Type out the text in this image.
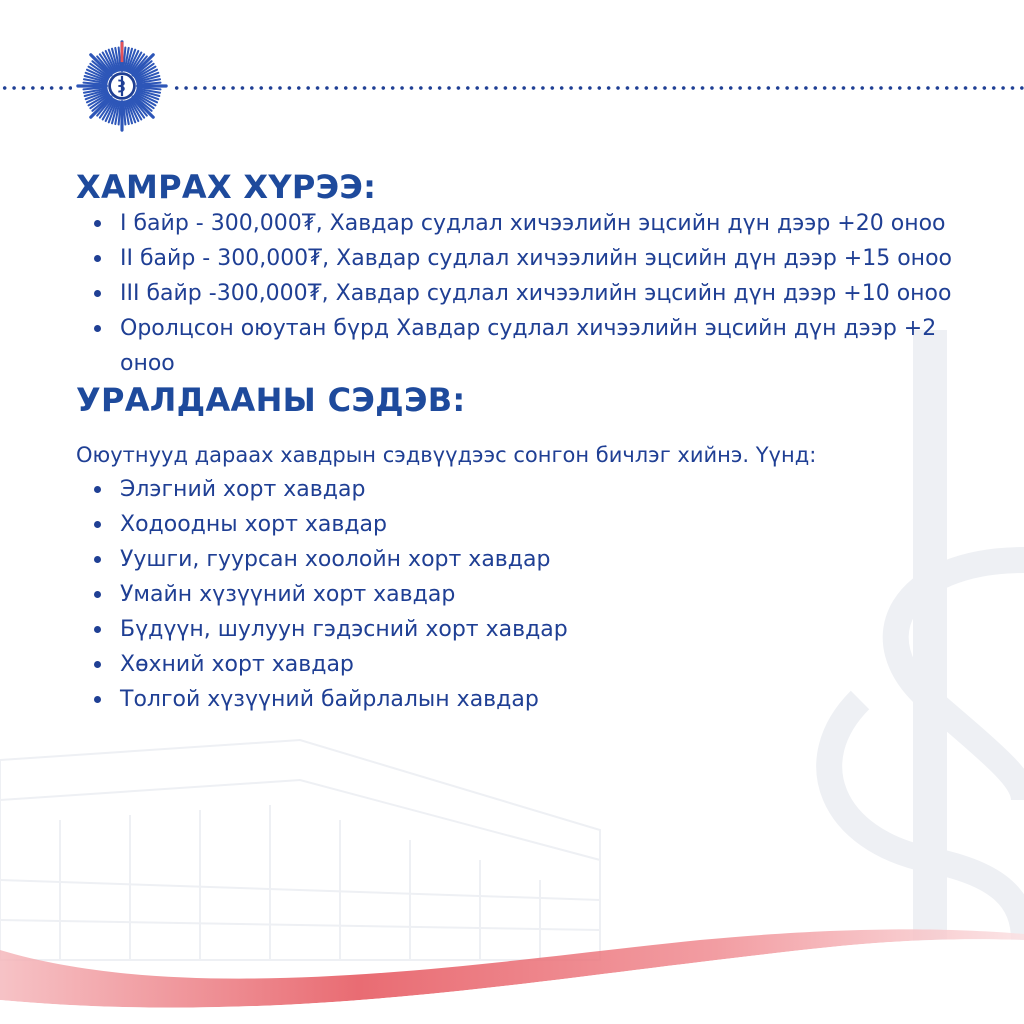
ХАМРАХ ХҮРЭЭ:
I байр - 300,000₮, Хавдар судлал хичээлийн эцсийн дүн дээр +20 оноо
II байр - 300,000₮, Хавдар судлал хичээлийн эцсийн дүн дээр +15 оноо
III байр -300,000₮, Хавдар судлал хичээлийн эцсийн дүн дээр +10 оноо
Оролцсон оюутан бүрд Хавдар судлал хичээлийн эцсийн дүн дээр +2 оноо
УРАЛДААНЫ СЭДЭВ:
Оюутнууд дараах хавдрын сэдвүүдээс сонгон бичлэг хийнэ. Үүнд:
Элэгний хорт хавдар
Ходоодны хорт хавдар
Уушги, гуурсан хоолойн хорт хавдар
Умайн хүзүүний хорт хавдар
Бүдүүн, шулуун гэдэсний хорт хавдар
Хөхний хорт хавдар
Толгой хүзүүний байрлалын хавдар
